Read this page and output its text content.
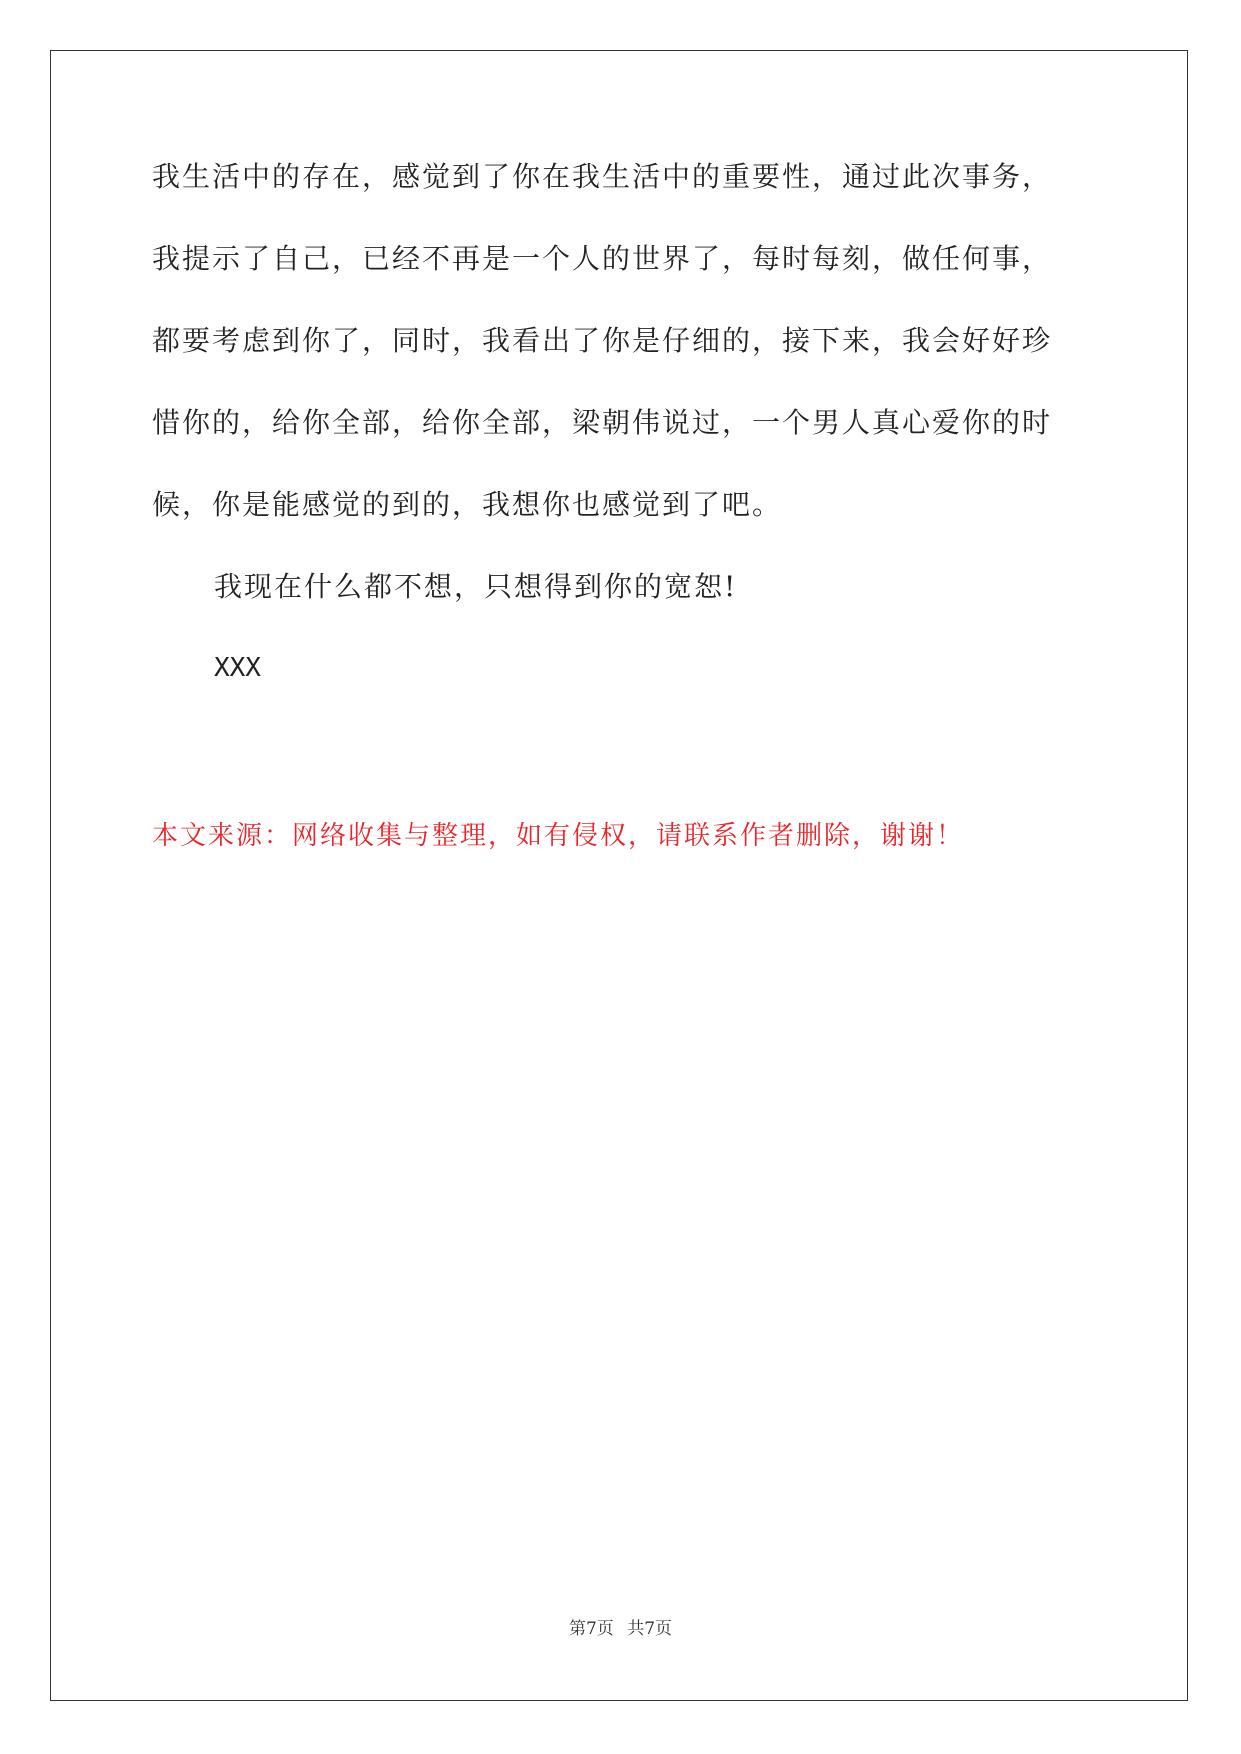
我生活中的存在，感觉到了你在我生活中的重要性，通过此次事务，
我提示了自己，已经不再是一个人的世界了，每时每刻，做任何事，
都要考虑到你了，同时，我看出了你是仔细的，接下来，我会好好珍
惜你的，给你全部，给你全部，梁朝伟说过，一个男人真心爱你的时
候，你是能感觉的到的，我想你也感觉到了吧。
我现在什么都不想，只想得到你的宽恕!
XXX
本文来源：网络收集与整理，如有侵权，请联系作者删除，谢谢！
第7页 共7页
